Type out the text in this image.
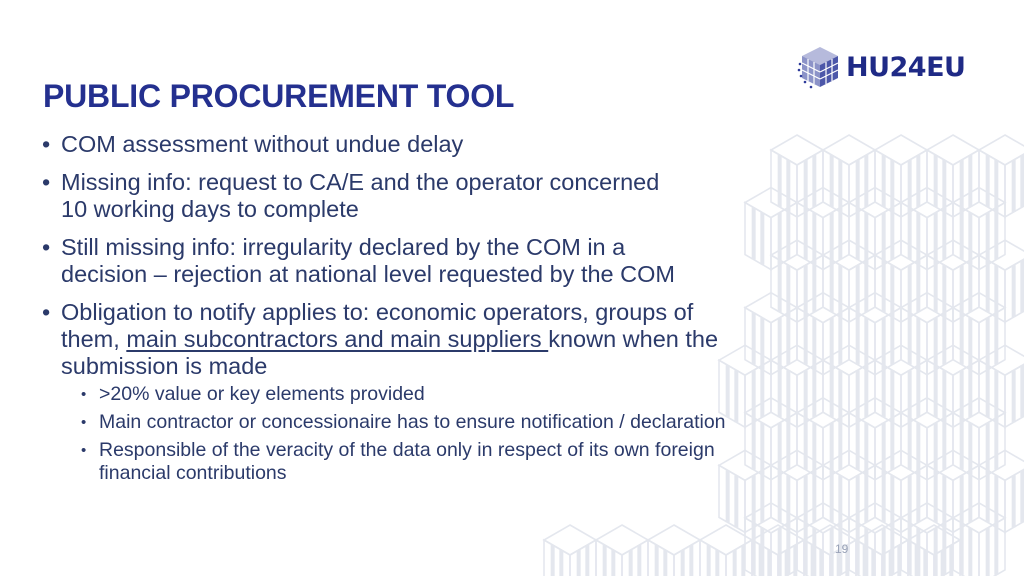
HU24EU
PUBLIC PROCUREMENT TOOL
• COM assessment without undue delay
• Missing info: request to CA/E and the operator concerned
10 working days to complete
• Still missing info: irregularity declared by the COM in a
decision – rejection at national level requested by the COM
• Obligation to notify applies to: economic operators, groups of them, main subcontractors and main suppliers known when the submission is made
• >20% value or key elements provided
• Main contractor or concessionaire has to ensure notification / declaration
• Responsible of the veracity of the data only in respect of its own foreign financial contributions
19
